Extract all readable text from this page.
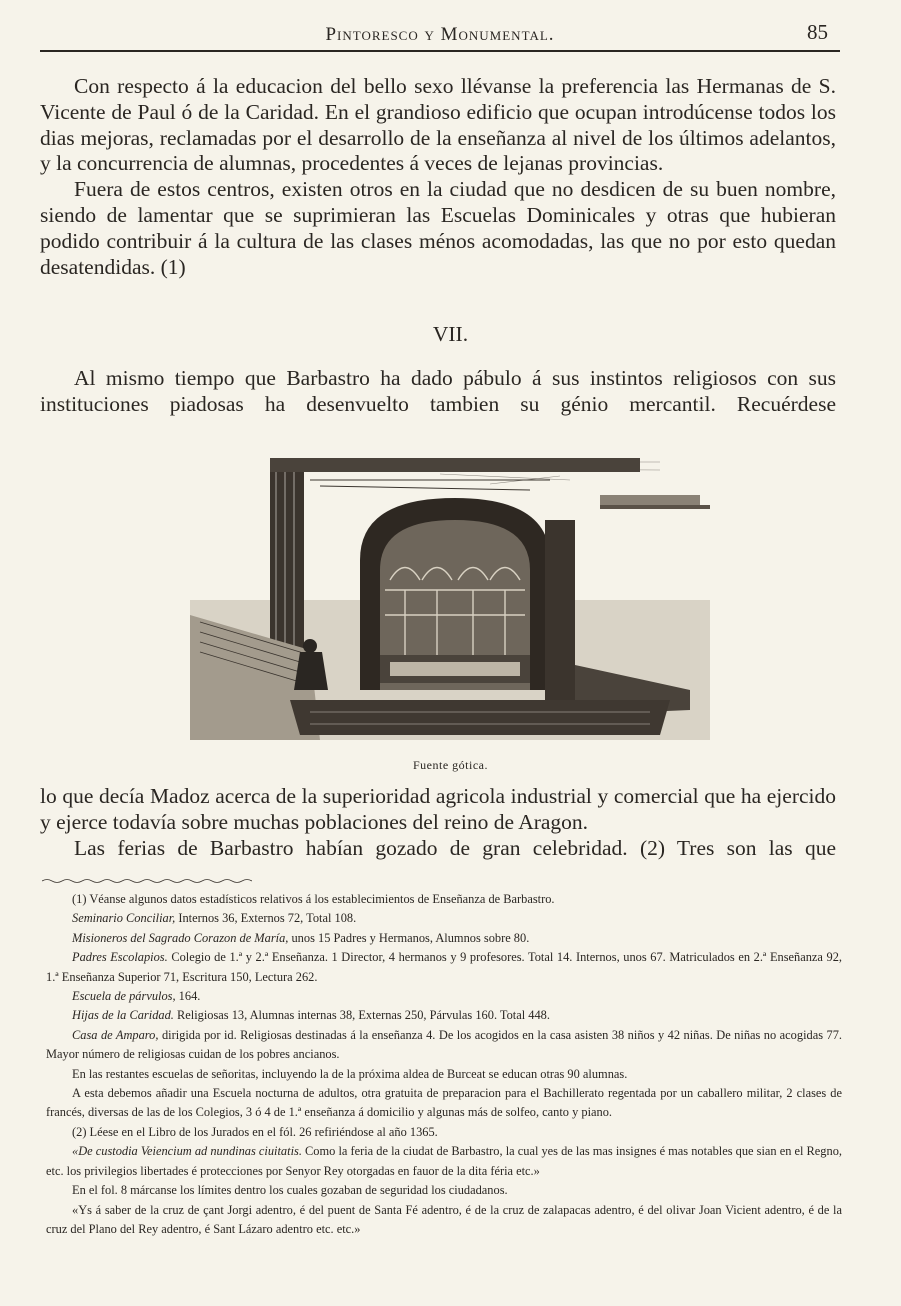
Pintoresco y Monumental.	85

Con respecto á la educacion del bello sexo llévanse la preferencia las Hermanas de S. Vicente de Paul ó de la Caridad. En el grandioso edificio que ocupan introdúcense todos los dias mejoras, reclamadas por el desarrollo de la enseñanza al nivel de los últimos adelantos, y la concurrencia de alumnas, procedentes á veces de lejanas provincias.

Fuera de estos centros, existen otros en la ciudad que no desdicen de su buen nombre, siendo de lamentar que se suprimieran las Escuelas Dominicales y otras que hubieran podido contribuir á la cultura de las clases ménos acomodadas, las que no por esto quedan desatendidas. (1)

VII.

Al mismo tiempo que Barbastro ha dado pábulo á sus instintos religiosos con sus instituciones piadosas ha desenvuelto tambien su génio mercantil. Recuérdese

Fuente gótica.

lo que decía Madoz acerca de la superioridad agricola industrial y comercial que ha ejercido y ejerce todavía sobre muchas poblaciones del reino de Aragon.

Las ferias de Barbastro habían gozado de gran celebridad. (2) Tres son las que

(1) Véanse algunos datos estadísticos relativos á los establecimientos de Enseñanza de Barbastro.

Seminario Conciliar, Internos 36, Externos 72, Total 108.

Misioneros del Sagrado Corazon de María, unos 15 Padres y Hermanos, Alumnos sobre 80.

Padres Escolapios. Colegio de 1.ª y 2.ª Enseñanza. 1 Director, 4 hermanos y 9 profesores. Total 14. Internos, unos 67. Matriculados en 2.ª Enseñanza 92, 1.ª Enseñanza Superior 71, Escritura 150, Lectura 262.

Escuela de párvulos, 164.

Hijas de la Caridad. Religiosas 13, Alumnas internas 38, Externas 250, Párvulas 160. Total 448.

Casa de Amparo, dirigida por id. Religiosas destinadas á la enseñanza 4. De los acogidos en la casa asisten 38 niños y 42 niñas. De niñas no acogidas 77. Mayor número de religiosas cuidan de los pobres ancianos.

En las restantes escuelas de señoritas, incluyendo la de la próxima aldea de Burceat se educan otras 90 alumnas.

A esta debemos añadir una Escuela nocturna de adultos, otra gratuita de preparacion para el Bachillerato regentada por un caballero militar, 2 clases de francés, diversas de las de los Colegios, 3 ó 4 de 1.ª enseñanza á domicilio y algunas más de solfeo, canto y piano.

(2) Léese en el Libro de los Jurados en el fól. 26 refiriéndose al año 1365.

«De custodia Veiencium ad nundinas ciuitatis. Como la feria de la ciudat de Barbastro, la cual yes de las mas insignes é mas notables que sian en el Regno, etc. los privilegios libertades é protecciones por Senyor Rey otorgadas en fauor de la dita féria etc.»

En el fol. 8 márcanse los límites dentro los cuales gozaban de seguridad los ciudadanos.

«Ys á saber de la cruz de çant Jorgi adentro, é del puent de Santa Fé adentro, é de la cruz de zalapacas adentro, é del olivar Joan Vicient adentro, é de la cruz del Plano del Rey adentro, é Sant Lázaro adentro etc. etc.»
